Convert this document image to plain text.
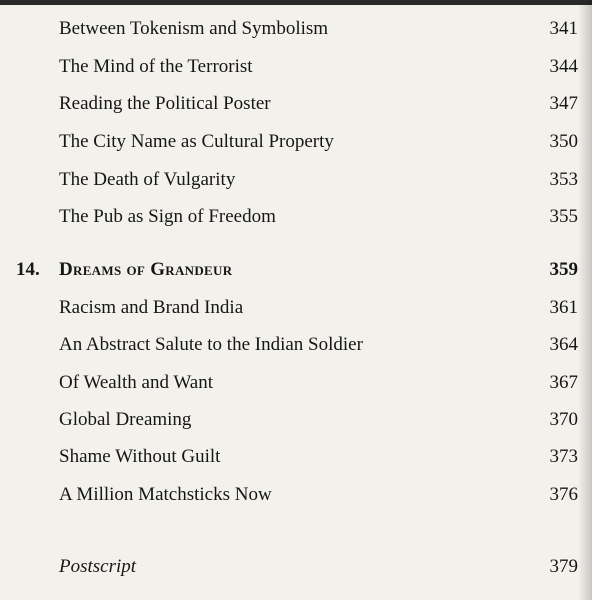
Between Tokenism and Symbolism	341
The Mind of the Terrorist	344
Reading the Political Poster	347
The City Name as Cultural Property	350
The Death of Vulgarity	353
The Pub as Sign of Freedom	355
14. Dreams of Grandeur	359
Racism and Brand India	361
An Abstract Salute to the Indian Soldier	364
Of Wealth and Want	367
Global Dreaming	370
Shame Without Guilt	373
A Million Matchsticks Now	376
Postscript	379
